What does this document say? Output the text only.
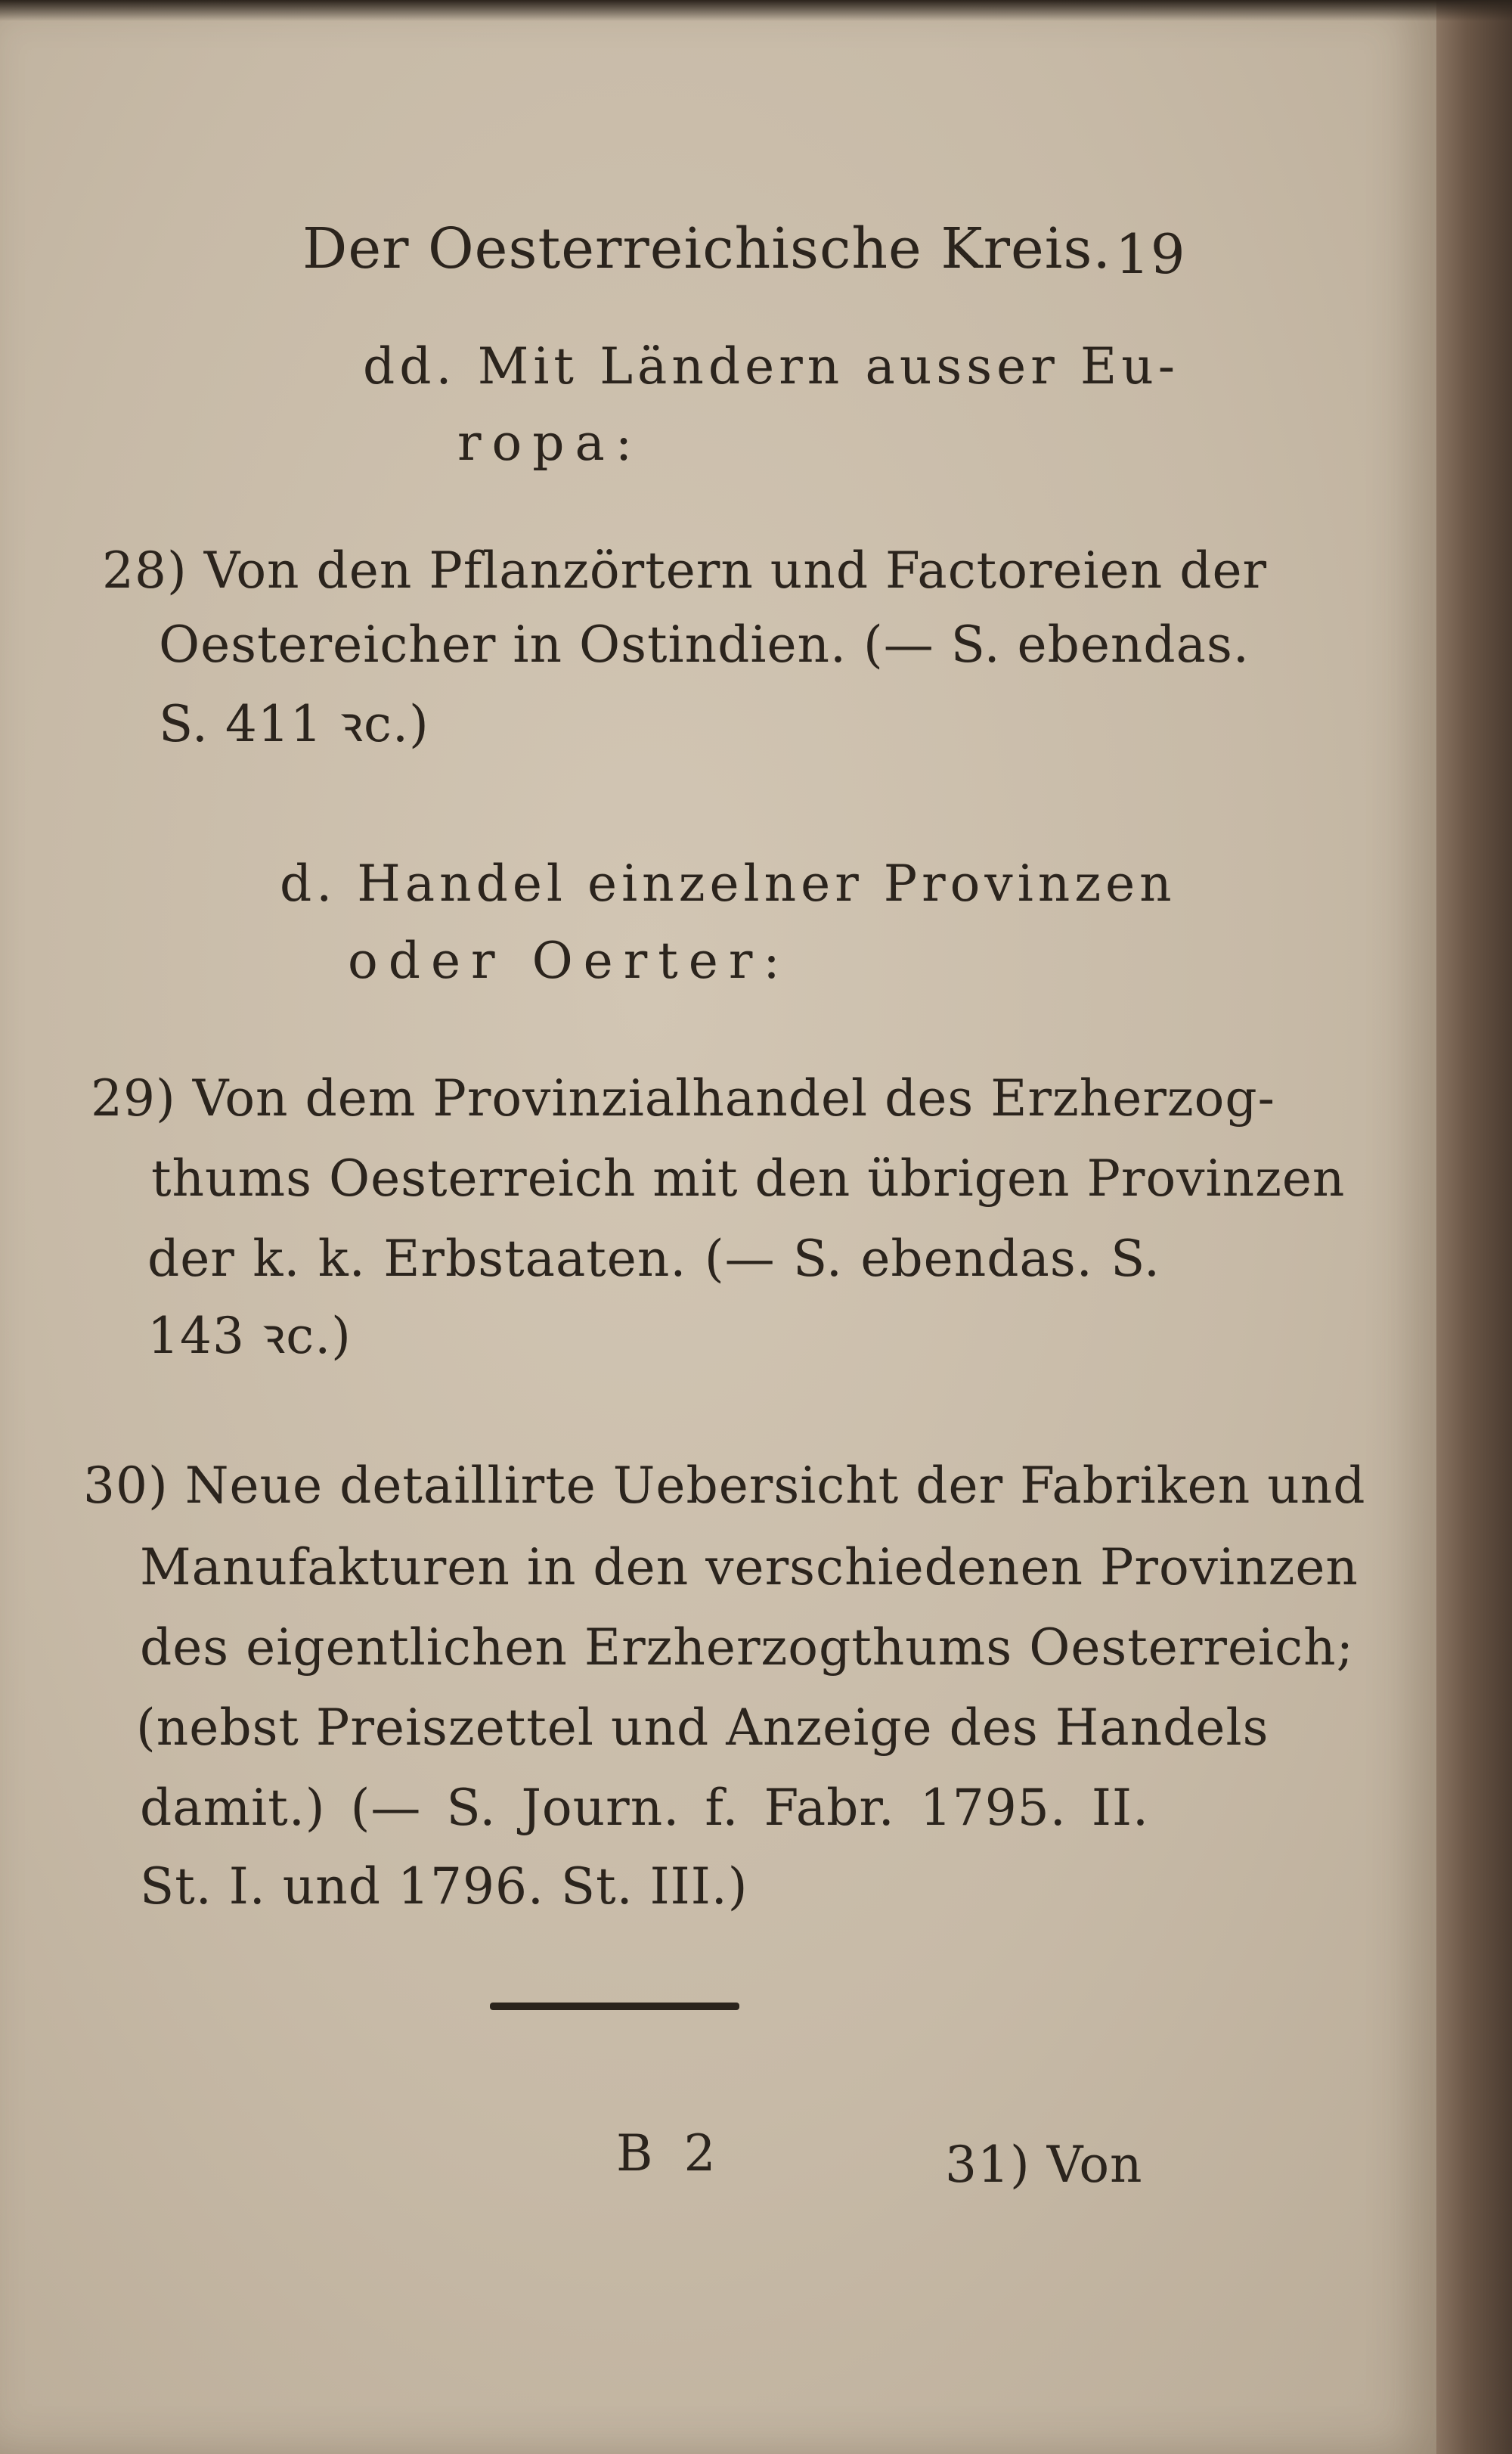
Der Oesterreichische Kreis. 19
dd. Mit Ländern ausser Eu-
ropa:
28) Von den Pflanzörtern und Factoreien der
Oestereicher in Ostindien. (— S. ebendas.
S. 411 ꝛc.)
d. Handel einzelner Provinzen
oder Oerter:
29) Von dem Provinzialhandel des Erzherzog-
thums Oesterreich mit den übrigen Provinzen
der k. k. Erbstaaten. (— S. ebendas. S.
143 ꝛc.)
30) Neue detaillirte Uebersicht der Fabriken und
Manufakturen in den verschiedenen Provinzen
des eigentlichen Erzherzogthums Oesterreich;
(nebst Preiszettel und Anzeige des Handels
damit.) (— S. Journ. f. Fabr. 1795. II.
St. I. und 1796. St. III.)
B 2	31) Von
